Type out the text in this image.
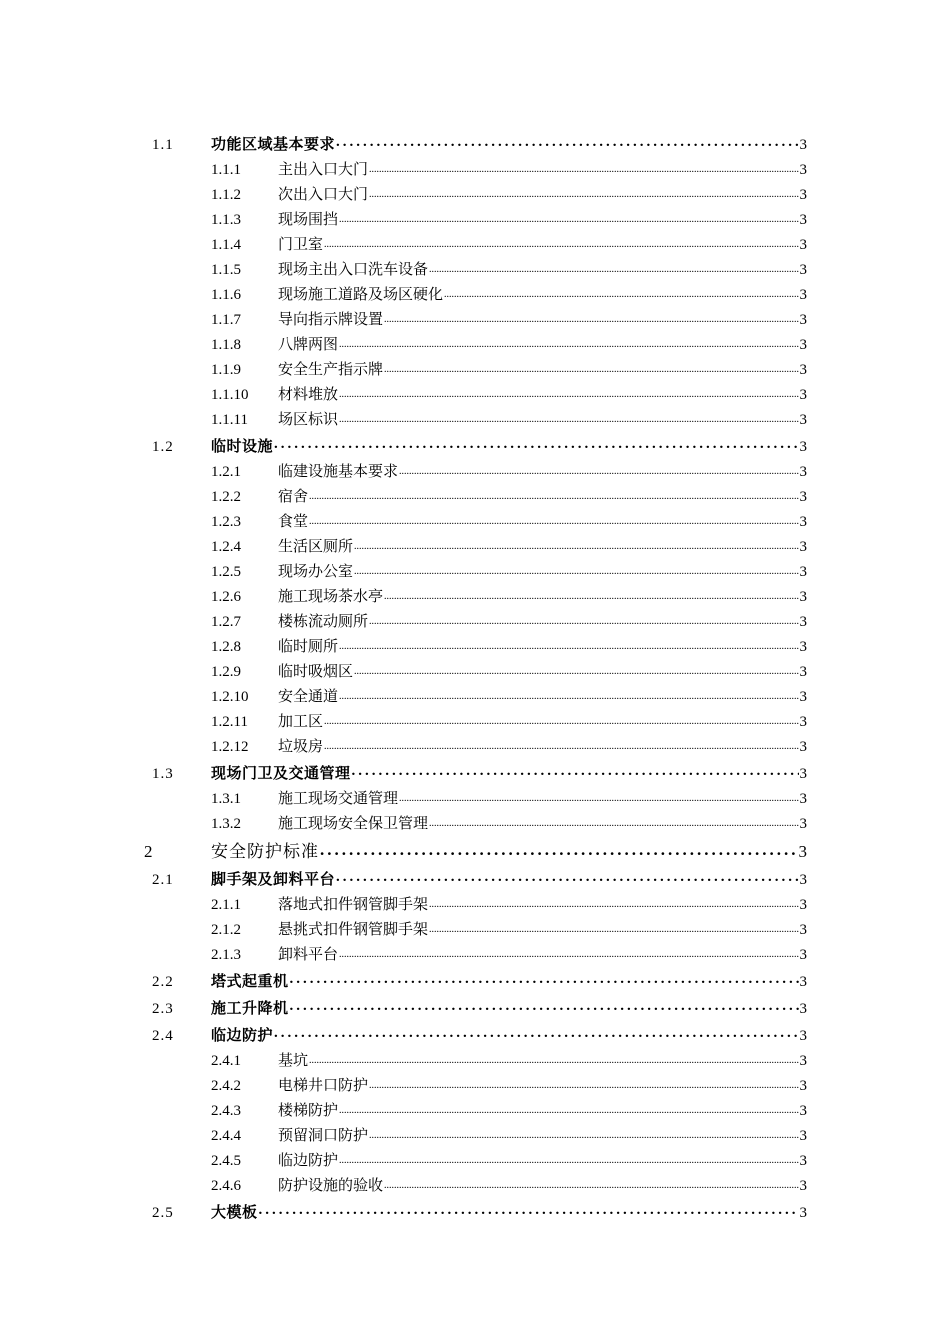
1.1	功能区域基本要求 .....	3
1.1.1	主出入口大门 .....	3
1.1.2	次出入口大门 .....	3
1.1.3	现场围挡 .....	3
1.1.4	门卫室 .....	3
1.1.5	现场主出入口洗车设备 .....	3
1.1.6	现场施工道路及场区硬化 .....	3
1.1.7	导向指示牌设置 .....	3
1.1.8	八牌两图 .....	3
1.1.9	安全生产指示牌 .....	3
1.1.10	材料堆放 .....	3
1.1.11	场区标识 .....	3
1.2	临时设施 .....	3
1.2.1	临建设施基本要求 .....	3
1.2.2	宿舍 .....	3
1.2.3	食堂 .....	3
1.2.4	生活区厕所 .....	3
1.2.5	现场办公室 .....	3
1.2.6	施工现场茶水亭 .....	3
1.2.7	楼栋流动厕所 .....	3
1.2.8	临时厕所 .....	3
1.2.9	临时吸烟区 .....	3
1.2.10	安全通道 .....	3
1.2.11	加工区 .....	3
1.2.12	垃圾房 .....	3
1.3	现场门卫及交通管理 .....	3
1.3.1	施工现场交通管理 .....	3
1.3.2	施工现场安全保卫管理 .....	3
2	安全防护标准 .....	3
2.1	脚手架及卸料平台 .....	3
2.1.1	落地式扣件钢管脚手架 .....	3
2.1.2	悬挑式扣件钢管脚手架 .....	3
2.1.3	卸料平台 .....	3
2.2	塔式起重机 .....	3
2.3	施工升降机 .....	3
2.4	临边防护 .....	3
2.4.1	基坑 .....	3
2.4.2	电梯井口防护 .....	3
2.4.3	楼梯防护 .....	3
2.4.4	预留洞口防护 .....	3
2.4.5	临边防护 .....	3
2.4.6	防护设施的验收 .....	3
2.5	大模板 .....	3
